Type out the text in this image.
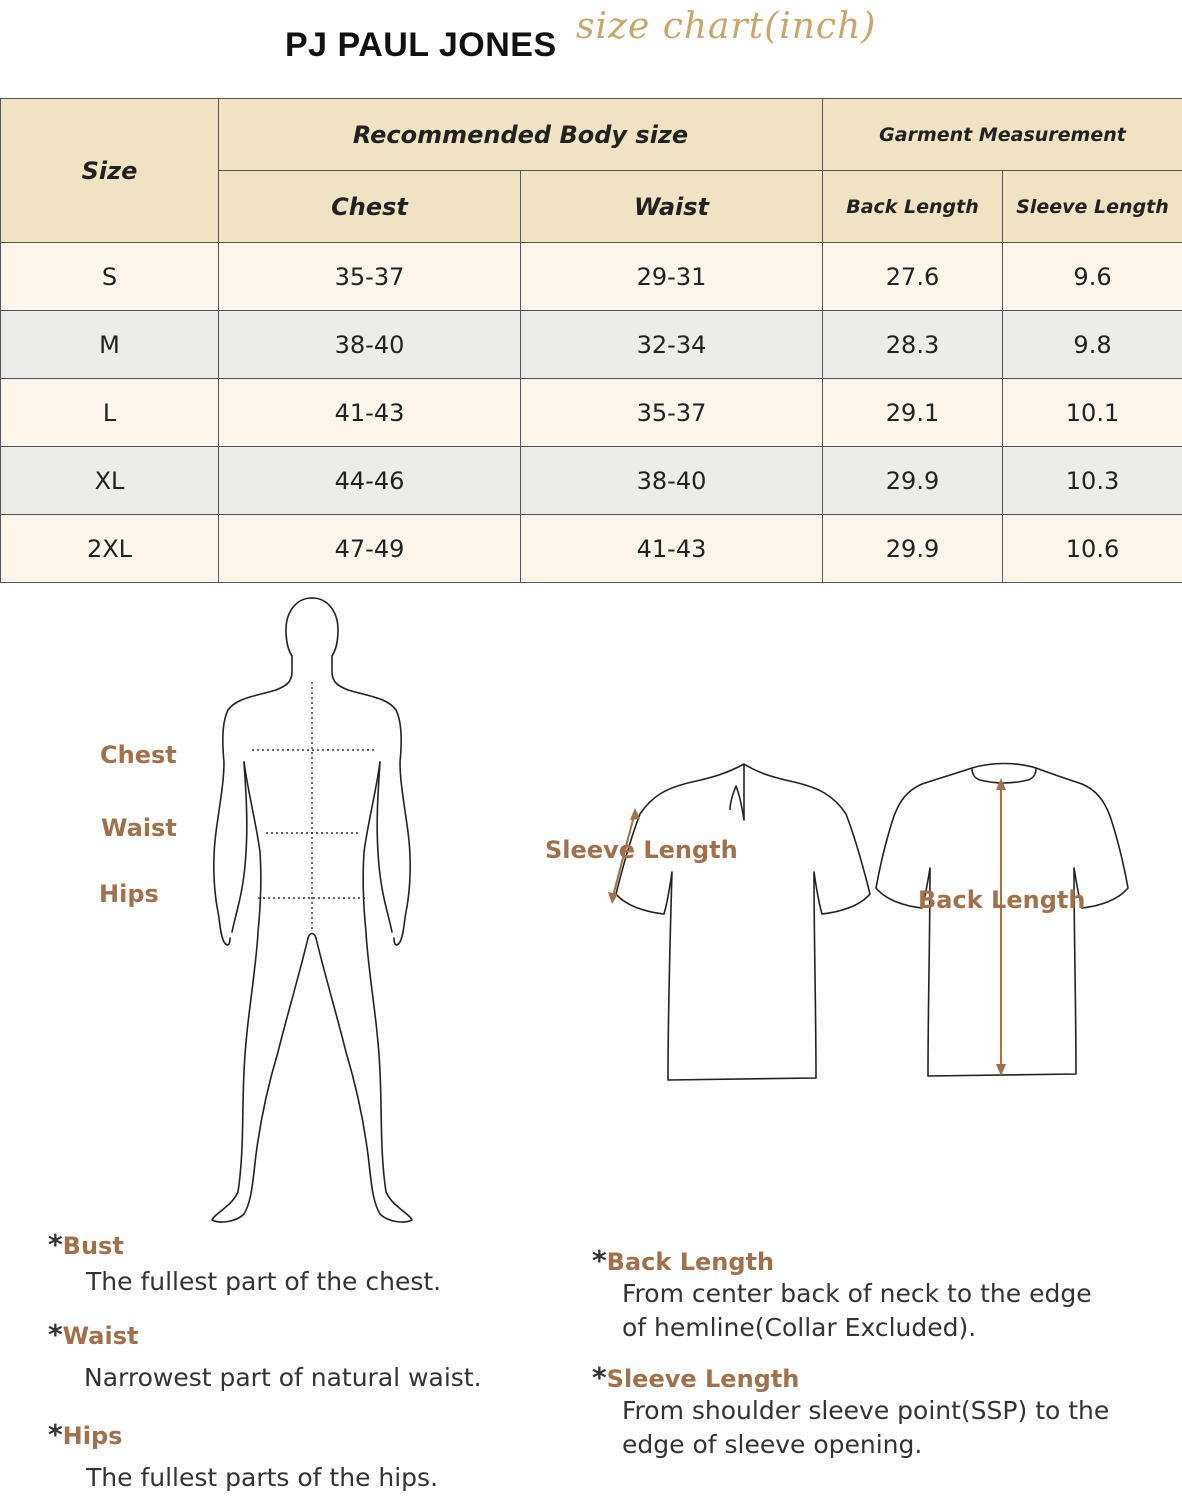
PJ PAUL JONES size chart(inch)
Size	Recommended Body size		Garment Measurement	
	Chest	Waist	Back Length	Sleeve Length
S	35-37	29-31	27.6	9.6
M	38-40	32-34	28.3	9.8
L	41-43	35-37	29.1	10.1
XL	44-46	38-40	29.9	10.3
2XL	47-49	41-43	29.9	10.6
Chest
Waist
Hips
Sleeve Length
Back Length
*Bust
The fullest part of the chest.
*Waist
Narrowest part of natural waist.
*Hips
The fullest parts of the hips.
*Back Length
From center back of neck to the edge
of hemline(Collar Excluded).
*Sleeve Length
From shoulder sleeve point(SSP) to the
edge of sleeve opening.
